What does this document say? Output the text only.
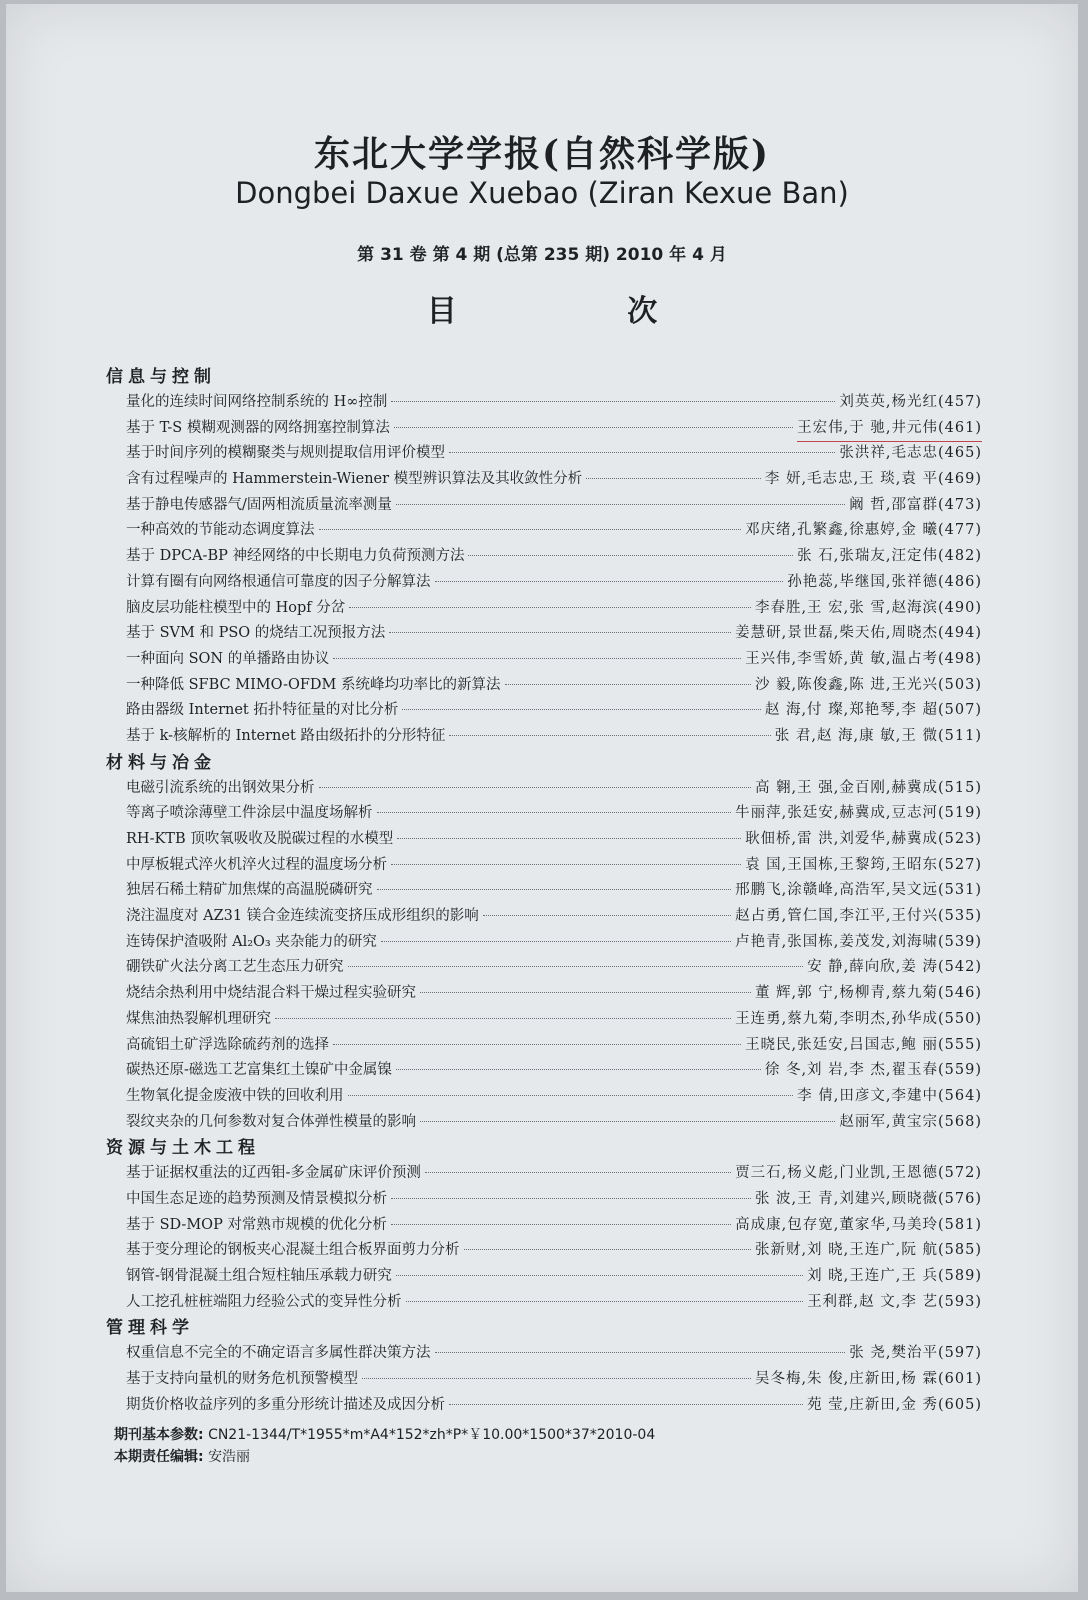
东北大学学报(自然科学版)
Dongbei Daxue Xuebao (Ziran Kexue Ban)
第 31 卷 第 4 期 (总第 235 期) 2010 年 4 月
目 次
信息与控制
量化的连续时间网络控制系统的 H∞控制	刘英英,杨光红(457)
基于 T-S 模糊观测器的网络拥塞控制算法	王宏伟,于 驰,井元伟(461)
基于时间序列的模糊聚类与规则提取信用评价模型	张洪祥,毛志忠(465)
含有过程噪声的 Hammerstein-Wiener 模型辨识算法及其收敛性分析	李 妍,毛志忠,王 琰,袁 平(469)
基于静电传感器气/固两相流质量流率测量	阚 哲,邵富群(473)
一种高效的节能动态调度算法	邓庆绪,孔繁鑫,徐惠婷,金 曦(477)
基于 DPCA-BP 神经网络的中长期电力负荷预测方法	张 石,张瑞友,汪定伟(482)
计算有圈有向网络根通信可靠度的因子分解算法	孙艳蕊,毕继国,张祥德(486)
脑皮层功能柱模型中的 Hopf 分岔	李春胜,王 宏,张 雪,赵海滨(490)
基于 SVM 和 PSO 的烧结工况预报方法	姜慧研,景世磊,柴天佑,周晓杰(494)
一种面向 SON 的单播路由协议	王兴伟,李雪娇,黄 敏,温占考(498)
一种降低 SFBC MIMO-OFDM 系统峰均功率比的新算法	沙 毅,陈俊鑫,陈 进,王光兴(503)
路由器级 Internet 拓扑特征量的对比分析	赵 海,付 璨,郑艳琴,李 超(507)
基于 k-核解析的 Internet 路由级拓扑的分形特征	张 君,赵 海,康 敏,王 微(511)
材料与冶金
电磁引流系统的出钢效果分析	高 翱,王 强,金百刚,赫冀成(515)
等离子喷涂薄壁工件涂层中温度场解析	牛丽萍,张廷安,赫冀成,豆志河(519)
RH-KTB 顶吹氧吸收及脱碳过程的水模型	耿佃桥,雷 洪,刘爱华,赫冀成(523)
中厚板辊式淬火机淬火过程的温度场分析	袁 国,王国栋,王黎筠,王昭东(527)
独居石稀土精矿加焦煤的高温脱磷研究	邢鹏飞,涂赣峰,高浩军,吴文远(531)
浇注温度对 AZ31 镁合金连续流变挤压成形组织的影响	赵占勇,管仁国,李江平,王付兴(535)
连铸保护渣吸附 Al₂O₃ 夹杂能力的研究	卢艳青,张国栋,姜茂发,刘海啸(539)
硼铁矿火法分离工艺生态压力研究	安 静,薛向欣,姜 涛(542)
烧结余热利用中烧结混合料干燥过程实验研究	董 辉,郭 宁,杨柳青,蔡九菊(546)
煤焦油热裂解机理研究	王连勇,蔡九菊,李明杰,孙华成(550)
高硫铝土矿浮选除硫药剂的选择	王晓民,张廷安,吕国志,鲍 丽(555)
碳热还原-磁选工艺富集红土镍矿中金属镍	徐 冬,刘 岩,李 杰,翟玉春(559)
生物氧化提金废液中铁的回收利用	李 倩,田彦文,李建中(564)
裂纹夹杂的几何参数对复合体弹性模量的影响	赵丽军,黄宝宗(568)
资源与土木工程
基于证据权重法的辽西钼-多金属矿床评价预测	贾三石,杨义彪,门业凯,王恩德(572)
中国生态足迹的趋势预测及情景模拟分析	张 波,王 青,刘建兴,顾晓薇(576)
基于 SD-MOP 对常熟市规模的优化分析	高成康,包存宽,董家华,马美玲(581)
基于变分理论的钢板夹心混凝土组合板界面剪力分析	张新财,刘 晓,王连广,阮 航(585)
钢管-钢骨混凝土组合短柱轴压承载力研究	刘 晓,王连广,王 兵(589)
人工挖孔桩桩端阻力经验公式的变异性分析	王利群,赵 文,李 艺(593)
管理科学
权重信息不完全的不确定语言多属性群决策方法	张 尧,樊治平(597)
基于支持向量机的财务危机预警模型	吴冬梅,朱 俊,庄新田,杨 霖(601)
期货价格收益序列的多重分形统计描述及成因分析	苑 莹,庄新田,金 秀(605)
期刊基本参数: CN21-1344/T*1955*m*A4*152*zh*P*￥10.00*1500*37*2010-04
本期责任编辑: 安浩丽
